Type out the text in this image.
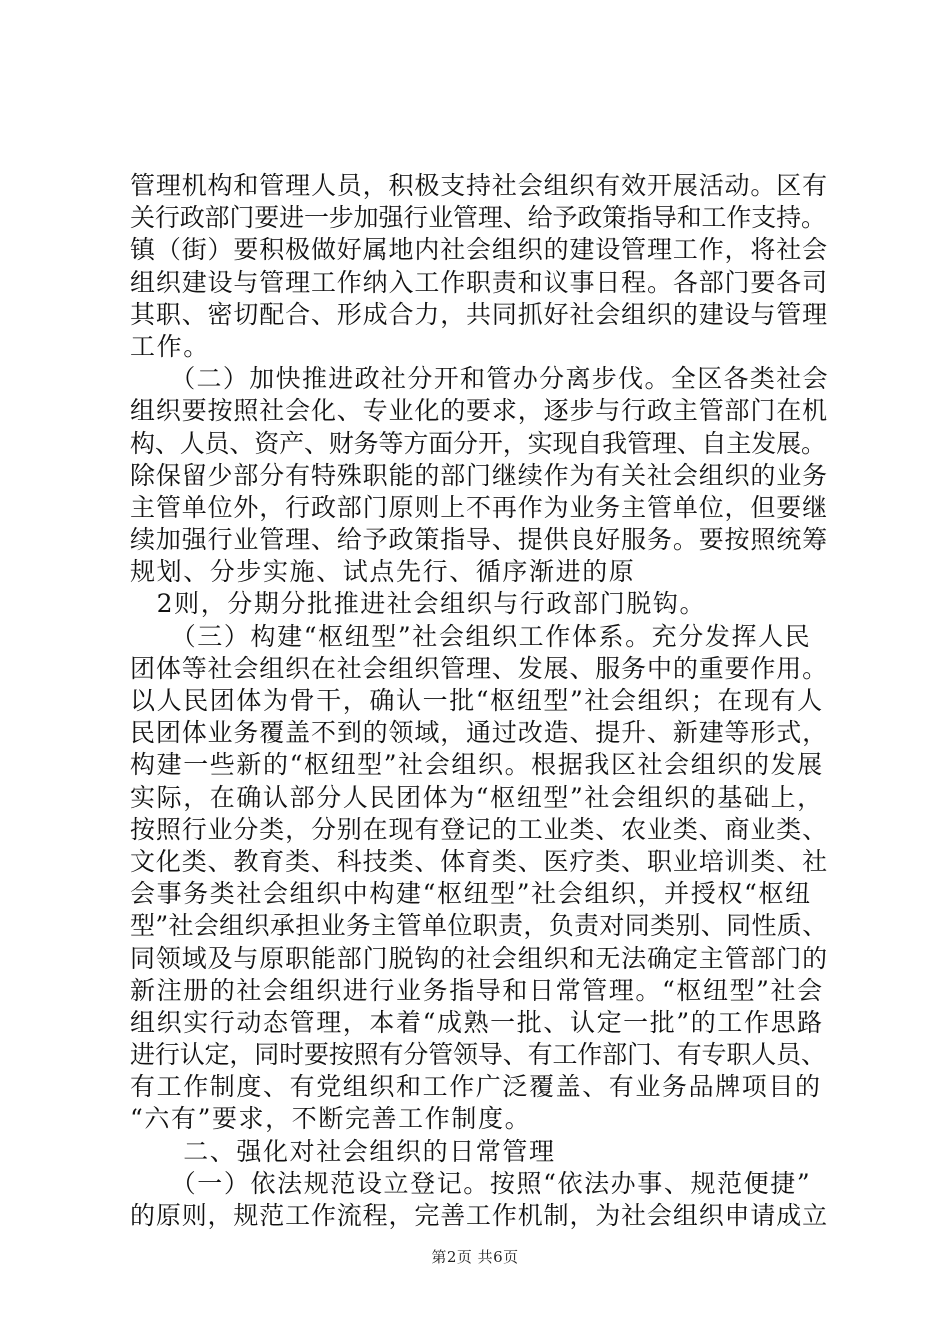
管理机构和管理人员，积极支持社会组织有效开展活动。区有
关行政部门要进一步加强行业管理、给予政策指导和工作支持。
镇（街）要积极做好属地内社会组织的建设管理工作，将社会
组织建设与管理工作纳入工作职责和议事日程。各部门要各司
其职、密切配合、形成合力，共同抓好社会组织的建设与管理
工作。
　　（二）加快推进政社分开和管办分离步伐。全区各类社会
组织要按照社会化、专业化的要求，逐步与行政主管部门在机
构、人员、资产、财务等方面分开，实现自我管理、自主发展。
除保留少部分有特殊职能的部门继续作为有关社会组织的业务
主管单位外，行政部门原则上不再作为业务主管单位，但要继
续加强行业管理、给予政策指导、提供良好服务。要按照统筹
规划、分步实施、试点先行、循序渐进的原
　2则，分期分批推进社会组织与行政部门脱钩。
　　（三）构建“枢纽型”社会组织工作体系。充分发挥人民
团体等社会组织在社会组织管理、发展、服务中的重要作用。
以人民团体为骨干，确认一批“枢纽型”社会组织；在现有人
民团体业务覆盖不到的领域，通过改造、提升、新建等形式，
构建一些新的“枢纽型”社会组织。根据我区社会组织的发展
实际，在确认部分人民团体为“枢纽型”社会组织的基础上，
按照行业分类，分别在现有登记的工业类、农业类、商业类、
文化类、教育类、科技类、体育类、医疗类、职业培训类、社
会事务类社会组织中构建“枢纽型”社会组织，并授权“枢纽
型”社会组织承担业务主管单位职责，负责对同类别、同性质、
同领域及与原职能部门脱钩的社会组织和无法确定主管部门的
新注册的社会组织进行业务指导和日常管理。“枢纽型”社会
组织实行动态管理，本着“成熟一批、认定一批”的工作思路
进行认定，同时要按照有分管领导、有工作部门、有专职人员、
有工作制度、有党组织和工作广泛覆盖、有业务品牌项目的
“六有”要求，不断完善工作制度。
　　二、强化对社会组织的日常管理
　　（一）依法规范设立登记。按照“依法办事、规范便捷”
的原则，规范工作流程，完善工作机制，为社会组织申请成立
第2页 共6页
